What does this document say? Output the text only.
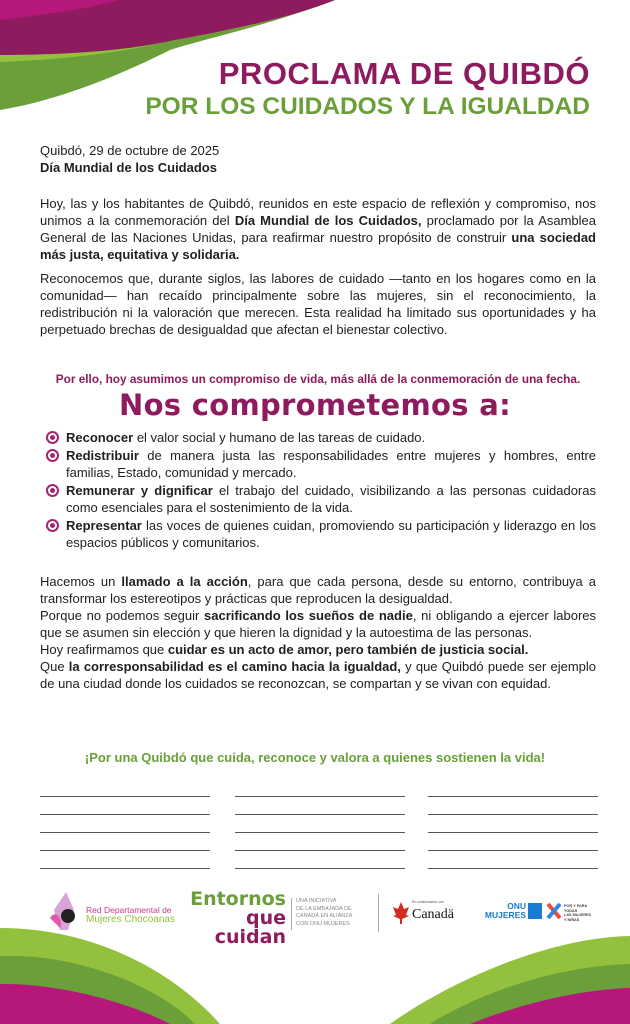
PROCLAMA DE QUIBDÓ
POR LOS CUIDADOS Y LA IGUALDAD
Quibdó, 29 de octubre de 2025
Día Mundial de los Cuidados
Hoy, las y los habitantes de Quibdó, reunidos en este espacio de reflexión y compromiso, nos unimos a la conmemoración del Día Mundial de los Cuidados, proclamado por la Asamblea General de las Naciones Unidas, para reafirmar nuestro propósito de construir una sociedad más justa, equitativa y solidaria.
Reconocemos que, durante siglos, las labores de cuidado —tanto en los hogares como en la comunidad— han recaído principalmente sobre las mujeres, sin el reconocimiento, la redistribución ni la valoración que merecen. Esta realidad ha limitado sus oportunidades y ha perpetuado brechas de desigualdad que afectan el bienestar colectivo.
Por ello, hoy asumimos un compromiso de vida, más allá de la conmemoración de una fecha.
Nos comprometemos a:
Reconocer el valor social y humano de las tareas de cuidado.
Redistribuir de manera justa las responsabilidades entre mujeres y hombres, entre familias, Estado, comunidad y mercado.
Remunerar y dignificar el trabajo del cuidado, visibilizando a las personas cuidadoras como esenciales para el sostenimiento de la vida.
Representar las voces de quienes cuidan, promoviendo su participación y liderazgo en los espacios públicos y comunitarios.
Hacemos un llamado a la acción, para que cada persona, desde su entorno, contribuya a transformar los estereotipos y prácticas que reproducen la desigualdad.
Porque no podemos seguir sacrificando los sueños de nadie, ni obligando a ejercer labores que se asumen sin elección y que hieren la dignidad y la autoestima de las personas.
Hoy reafirmamos que cuidar es un acto de amor, pero también de justicia social.
Que la corresponsabilidad es el camino hacia la igualdad, y que Quibdó puede ser ejemplo de una ciudad donde los cuidados se reconozcan, se compartan y se vivan con equidad.
¡Por una Quibdó que cuida, reconoce y valora a quienes sostienen la vida!
Red Departamental de
Mujeres Chocoanas
Entornos
que cuidan
UNA INICIATIVA
DE LA EMBAJADA DE
CANADÁ EN ALIANZA
CON ONU MUJERES
En colaboración con
Canadä
ONU
MUJERES
POR Y PARA
TODAS
LAS MUJERES
Y NIÑAS
